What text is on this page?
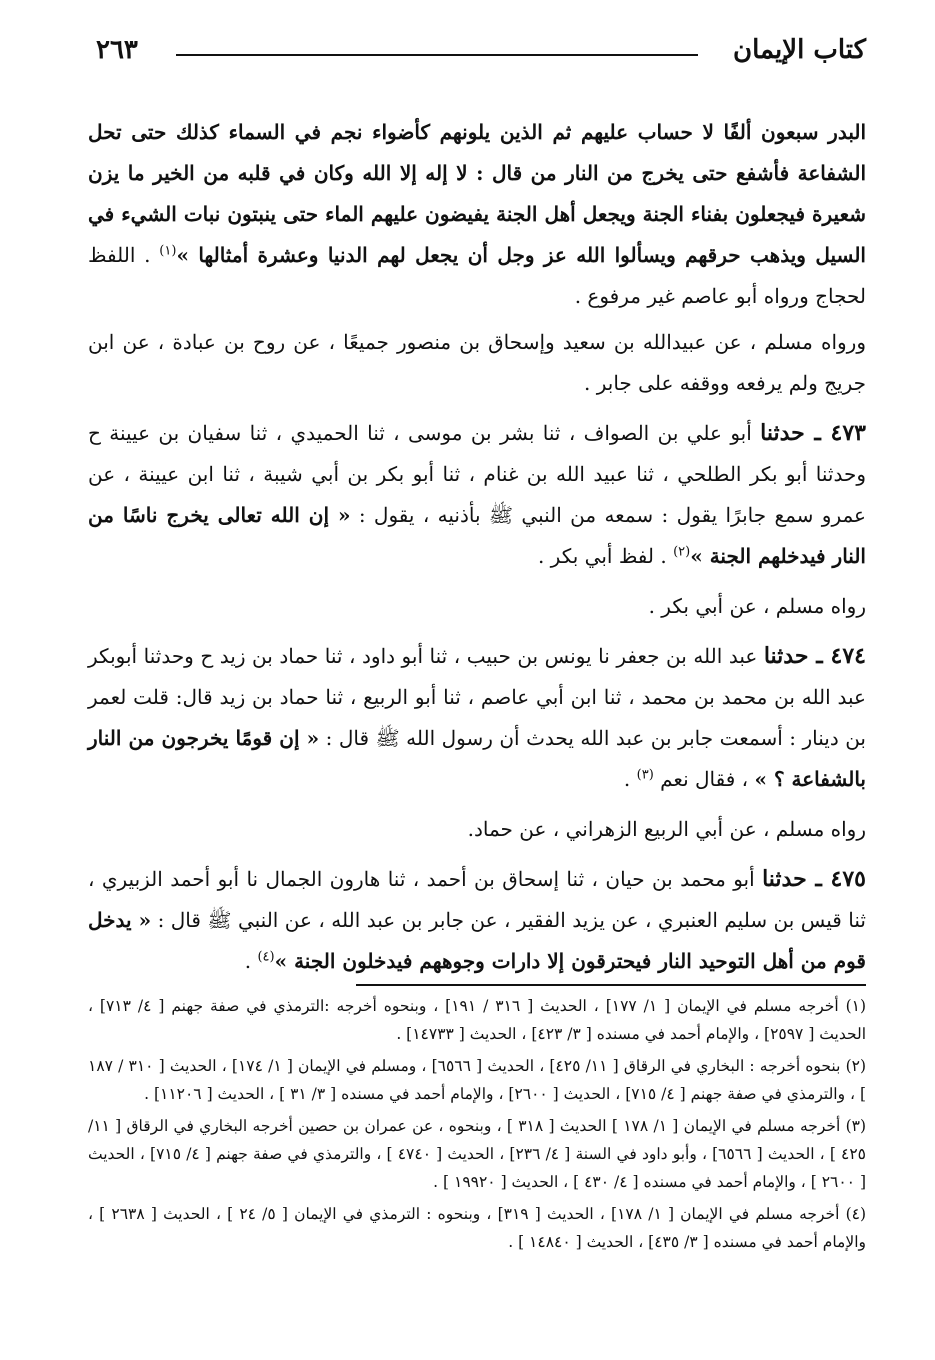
كتاب الإيمان
٢٦٣

البدر سبعون ألفًا لا حساب عليهم ثم الذين يلونهم كأضواء نجم في السماء كذلك حتى تحل الشفاعة فأشفع حتى يخرج من النار من قال : لا إله إلا الله وكان في قلبه من الخير ما يزن شعيرة فيجعلون بفناء الجنة ويجعل أهل الجنة يفيضون عليهم الماء حتى ينبتون نبات الشيء في السيل ويذهب حرقهم ويسألوا الله عز وجل أن يجعل لهم الدنيا وعشرة أمثالها »$^{(١)}$ . اللفظ لحجاج ورواه أبو عاصم غير مرفوع .

ورواه مسلم ، عن عبيدالله بن سعيد وإسحاق بن منصور جميعًا ، عن روح بن عبادة ، عن ابن جريج ولم يرفعه ووقفه على جابر .

٤٧٣ ـ حدثنا أبو علي بن الصواف ، ثنا بشر بن موسى ، ثنا الحميدي ، ثنا سفيان بن عيينة ح وحدثنا أبو بكر الطلحي ، ثنا عبيد الله بن غنام ، ثنا أبو بكر بن أبي شيبة ، ثنا ابن عيينة ، عن عمرو سمع جابرًا يقول : سمعه من النبي ﷺ بأذنيه ، يقول : « إن الله تعالى يخرج ناسًا من النار فيدخلهم الجنة »$^{(٢)}$ . لفظ أبي بكر .

رواه مسلم ، عن أبي بكر .

٤٧٤ ـ حدثنا عبد الله بن جعفر نا يونس بن حبيب ، ثنا أبو داود ، ثنا حماد بن زيد ح وحدثنا أبوبكر عبد الله بن محمد بن محمد ، ثنا ابن أبي عاصم ، ثنا أبو الربيع ، ثنا حماد بن زيد قال: قلت لعمر بن دينار : أسمعت جابر بن عبد الله يحدث أن رسول الله ﷺ قال : « إن قومًا يخرجون من النار بالشفاعة ؟ » ، فقال نعم $^{(٣)}$ .

رواه مسلم ، عن أبي الربيع الزهراني ، عن حماد.

٤٧٥ ـ حدثنا أبو محمد بن حيان ، ثنا إسحاق بن أحمد ، ثنا هارون الجمال نا أبو أحمد الزبيري ، ثنا قيس بن سليم العنبري ، عن يزيد الفقير ، عن جابر بن عبد الله ، عن النبي ﷺ قال : « يدخل قوم من أهل التوحيد النار فيحترقون إلا دارات وجوههم فيدخلون الجنة »$^{(٤)}$ .

(١) أخرجه مسلم في الإيمان [ ١/ ١٧٧] ، الحديث [ ٣١٦ / ١٩١] ، وبنحوه أخرجه :الترمذي في صفة جهنم [ ٤/ ٧١٣] ، الحديث [ ٢٥٩٧] ، والإمام أحمد في مسنده [ ٣/ ٤٢٣] ، الحديث [ ١٤٧٣٣] .

(٢) بنحوه أخرجه : البخاري في الرقاق [ ١١/ ٤٢٥] ، الحديث [ ٦٥٦٦] ، ومسلم في الإيمان [ ١/ ١٧٤] ، الحديث [ ٣١٠ / ١٨٧ ] ، والترمذي في صفة جهنم [ ٤/ ٧١٥] ، الحديث [ ٢٦٠٠] ، والإمام أحمد في مسنده [ ٣/ ٣١ ] ، الحديث [ ١١٢٠٦] .

(٣) أخرجه مسلم في الإيمان [ ١/ ١٧٨ ] الحديث [ ٣١٨ ] ، وبنحوه ، عن عمران بن حصين أخرجه البخاري في الرقاق [ ١١/ ٤٢٥ ] ، الحديث [ ٦٥٦٦] ، وأبو داود في السنة [ ٤/ ٢٣٦] ، الحديث [ ٤٧٤٠ ] ، والترمذي في صفة جهنم [ ٤/ ٧١٥] ، الحديث [ ٢٦٠٠ ] ، والإمام أحمد في مسنده [ ٤/ ٤٣٠ ] ، الحديث [ ١٩٩٢٠ ] .

(٤) أخرجه مسلم في الإيمان [ ١/ ١٧٨] ، الحديث [ ٣١٩] ، وبنحوه : الترمذي في الإيمان [ ٥/ ٢٤ ] ، الحديث [ ٢٦٣٨ ] ، والإمام أحمد في مسنده [ ٣/ ٤٣٥] ، الحديث [ ١٤٨٤٠ ] .
